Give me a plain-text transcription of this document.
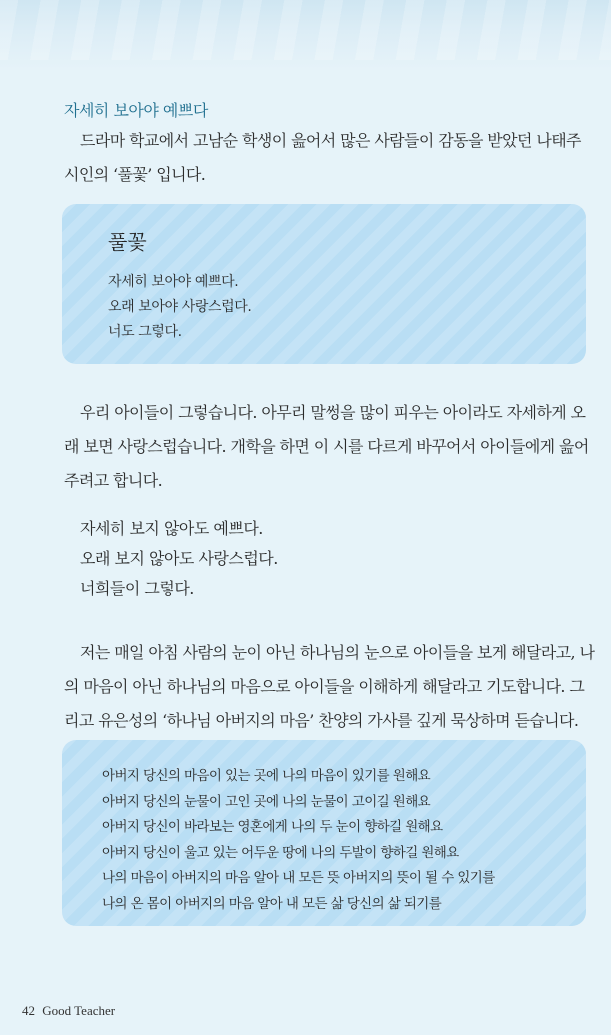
자세히 보아야 예쁘다
드라마 학교에서 고남순 학생이 읊어서 많은 사람들이 감동을 받았던 나태주
시인의 ‘풀꽃’ 입니다.
풀꽃
자세히 보아야 예쁘다.
오래 보아야 사랑스럽다.
너도 그렇다.
우리 아이들이 그렇습니다. 아무리 말썽을 많이 피우는 아이라도 자세하게 오
래 보면 사랑스럽습니다. 개학을 하면 이 시를 다르게 바꾸어서 아이들에게 읊어
주려고 합니다.
자세히 보지 않아도 예쁘다.
오래 보지 않아도 사랑스럽다.
너희들이 그렇다.
저는 매일 아침 사람의 눈이 아닌 하나님의 눈으로 아이들을 보게 해달라고, 나
의 마음이 아닌 하나님의 마음으로 아이들을 이해하게 해달라고 기도합니다. 그
리고 유은성의 ‘하나님 아버지의 마음’ 찬양의 가사를 깊게 묵상하며 듣습니다.
아버지 당신의 마음이 있는 곳에 나의 마음이 있기를 원해요
아버지 당신의 눈물이 고인 곳에 나의 눈물이 고이길 원해요
아버지 당신이 바라보는 영혼에게 나의 두 눈이 향하길 원해요
아버지 당신이 울고 있는 어두운 땅에 나의 두발이 향하길 원해요
나의 마음이 아버지의 마음 알아 내 모든 뜻 아버지의 뜻이 될 수 있기를
나의 온 몸이 아버지의 마음 알아 내 모든 삶 당신의 삶 되기를
42 Good Teacher
